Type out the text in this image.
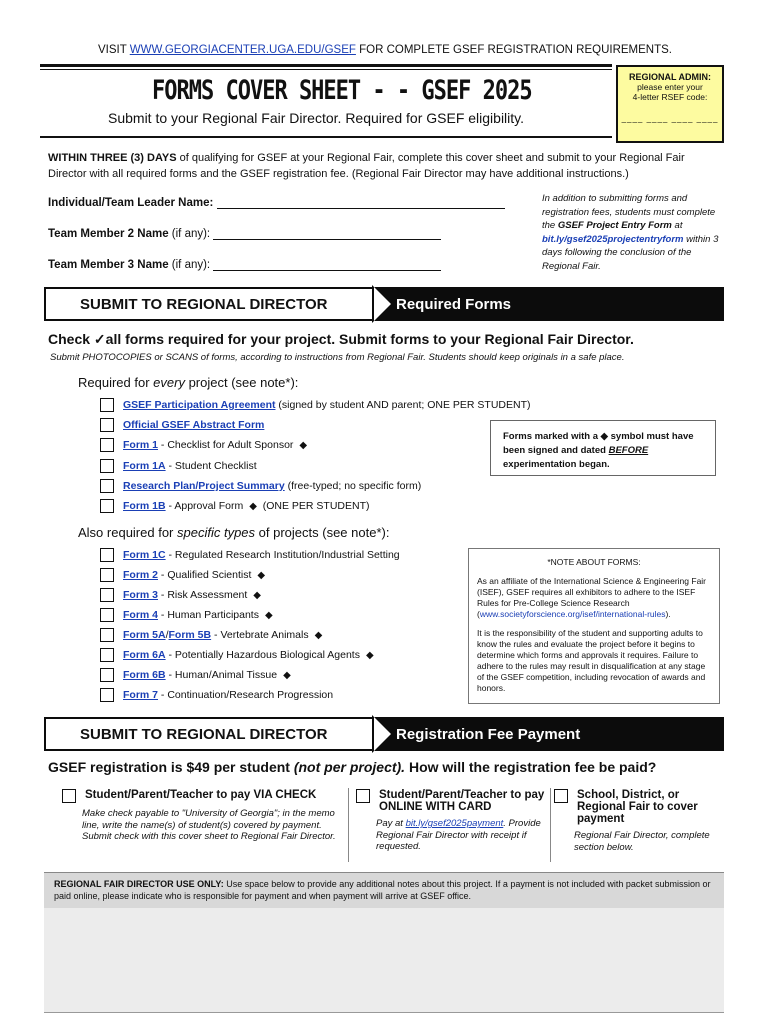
VISIT WWW.GEORGIACENTER.UGA.EDU/GSEF FOR COMPLETE GSEF REGISTRATION REQUIREMENTS.
FORMS COVER SHEET - - GSEF 2025
Submit to your Regional Fair Director. Required for GSEF eligibility.
REGIONAL ADMIN:
please enter your
4-letter RSEF code:
____ ____ ____ ____
WITHIN THREE (3) DAYS of qualifying for GSEF at your Regional Fair, complete this cover sheet and submit to your Regional Fair Director with all required forms and the GSEF registration fee. (Regional Fair Director may have additional instructions.)
Individual/Team Leader Name:
Team Member 2 Name (if any):
Team Member 3 Name (if any):
In addition to submitting forms and registration fees, students must complete the GSEF Project Entry Form at bit.ly/gsef2025projectentryform within 3 days following the conclusion of the Regional Fair.
SUBMIT TO REGIONAL DIRECTOR	Required Forms
Check ✓all forms required for your project. Submit forms to your Regional Fair Director.
Submit PHOTOCOPIES or SCANS of forms, according to instructions from Regional Fair. Students should keep originals in a safe place.
Required for every project (see note*):
GSEF Participation Agreement (signed by student AND parent; ONE PER STUDENT)
Official GSEF Abstract Form
Form 1 - Checklist for Adult Sponsor ◆
Form 1A - Student Checklist
Research Plan/Project Summary (free-typed; no specific form)
Form 1B - Approval Form ◆ (ONE PER STUDENT)
Forms marked with a ◆ symbol must have been signed and dated BEFORE experimentation began.
Also required for specific types of projects (see note*):
Form 1C - Regulated Research Institution/Industrial Setting
Form 2 - Qualified Scientist ◆
Form 3 - Risk Assessment ◆
Form 4 - Human Participants ◆
Form 5A / Form 5B - Vertebrate Animals ◆
Form 6A - Potentially Hazardous Biological Agents ◆
Form 6B - Human/Animal Tissue ◆
Form 7 - Continuation/Research Progression
*NOTE ABOUT FORMS:
As an affiliate of the International Science & Engineering Fair (ISEF), GSEF requires all exhibitors to adhere to the ISEF Rules for Pre-College Science Research (www.societyforscience.org/isef/international-rules).
It is the responsibility of the student and supporting adults to know the rules and evaluate the project before it begins to determine which forms and approvals it requires. Failure to adhere to the rules may result in disqualification at any stage of the GSEF competition, including revocation of awards and honors.
SUBMIT TO REGIONAL DIRECTOR	Registration Fee Payment
GSEF registration is $49 per student (not per project). How will the registration fee be paid?
Student/Parent/Teacher to pay VIA CHECK
Make check payable to "University of Georgia"; in the memo line, write the name(s) of student(s) covered by payment. Submit check with this cover sheet to Regional Fair Director.
Student/Parent/Teacher to pay ONLINE WITH CARD
Pay at bit.ly/gsef2025payment. Provide Regional Fair Director with receipt if requested.
School, District, or Regional Fair to cover payment
Regional Fair Director, complete section below.
REGIONAL FAIR DIRECTOR USE ONLY: Use space below to provide any additional notes about this project. If a payment is not included with packet submission or paid online, please indicate who is responsible for payment and when payment will arrive at GSEF office.
